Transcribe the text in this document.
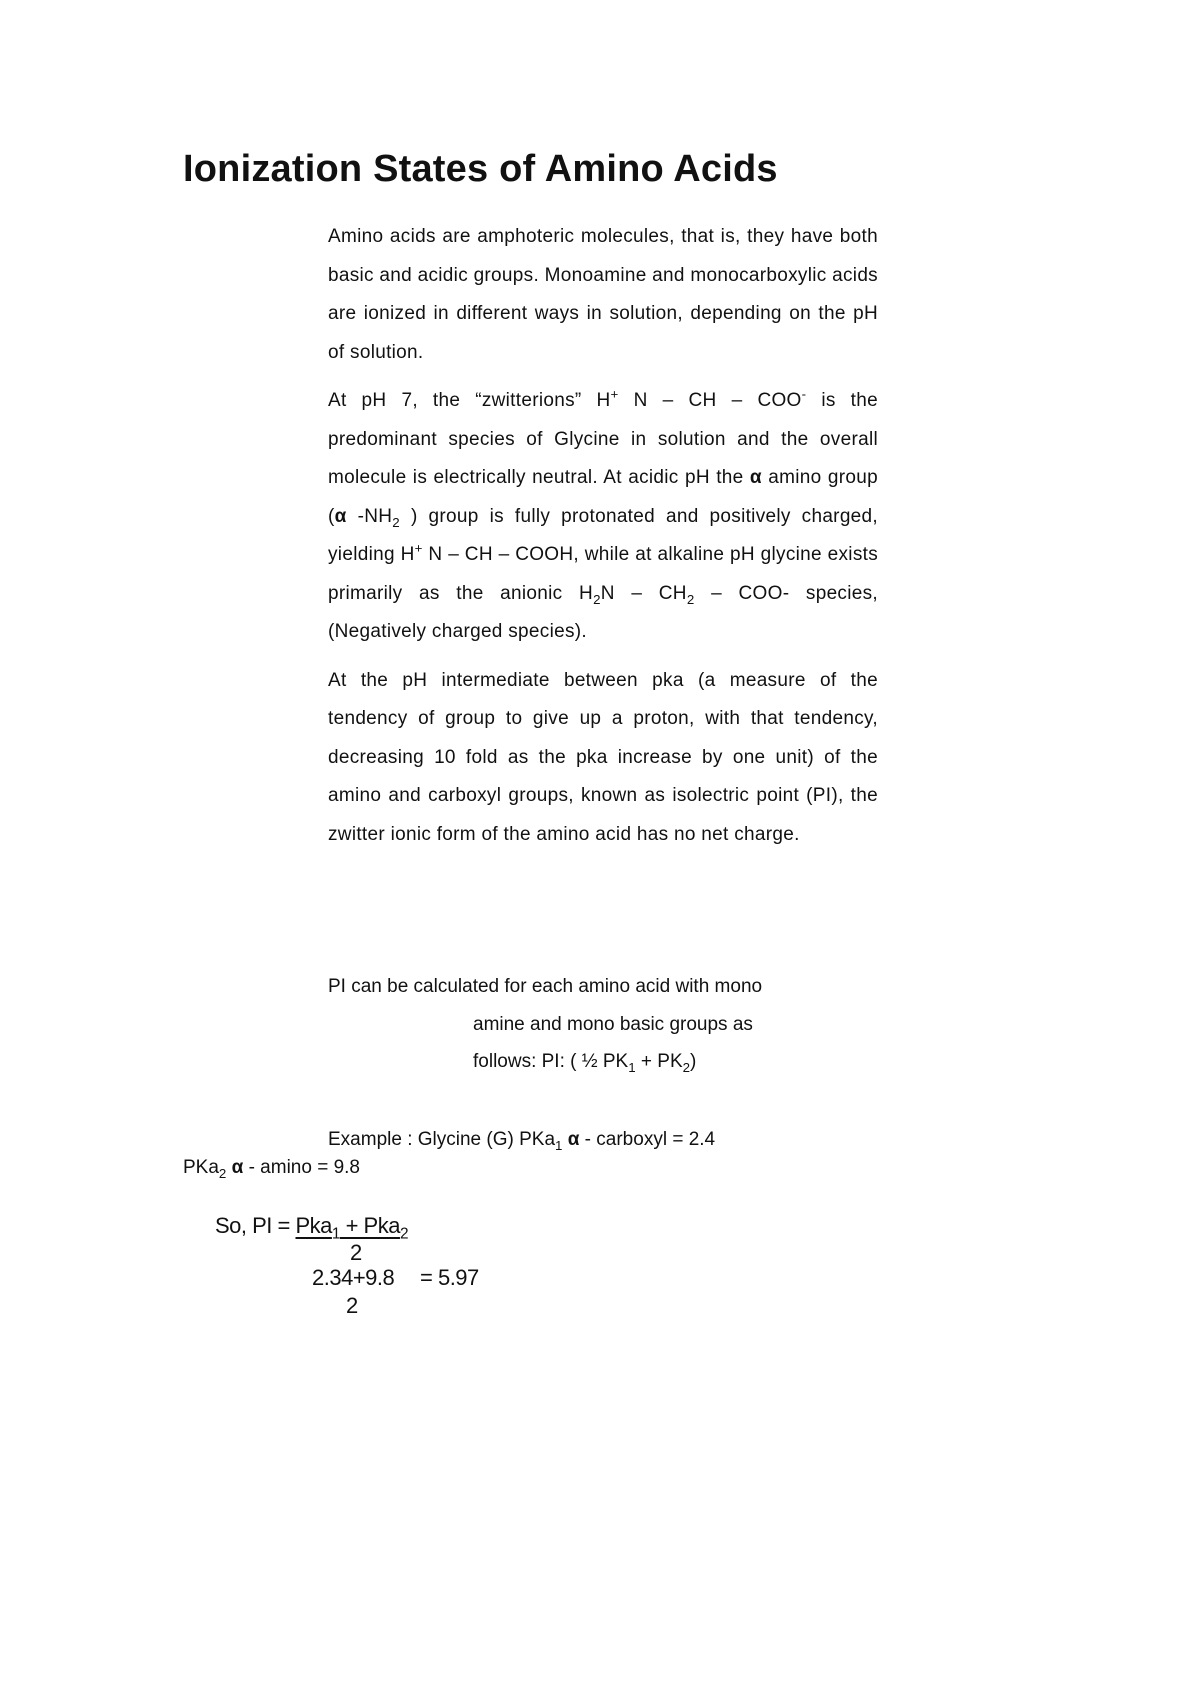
Ionization States of Amino Acids

Amino acids are amphoteric molecules, that is, they have both basic and acidic groups. Monoamine and monocarboxylic acids are ionized in different ways in solution, depending on the pH of solution.

At pH 7, the “zwitterions” H+ N – CH – COO- is the predominant species of Glycine in solution and the overall molecule is electrically neutral. At acidic pH the α amino group (α $-NH_2$ ) group is fully protonated and positively charged, yielding H+ N – CH – COOH, while at alkaline pH glycine exists primarily as the anionic $H_2N - CH_2 - COO-$ species, (Negatively charged species).

At the pH intermediate between pka (a measure of the tendency of group to give up a proton, with that tendency, decreasing 10 fold as the pka increase by one unit) of the amino and carboxyl groups, known as isolectric point (PI), the zwitter ionic form of the amino acid has no net charge.

PI can be calculated for each amino acid with mono
amine and mono basic groups as
follows: PI: ( ½ $PK_1 + PK_2$)
Example : Glycine (G) PKa$_1$ α - carboxyl = 2.4
PKa$_2$ α - amino = 9.8
So, PI = Pka$_1$ + Pka$_2$
2
2.34+9.8 = 5.97
2
